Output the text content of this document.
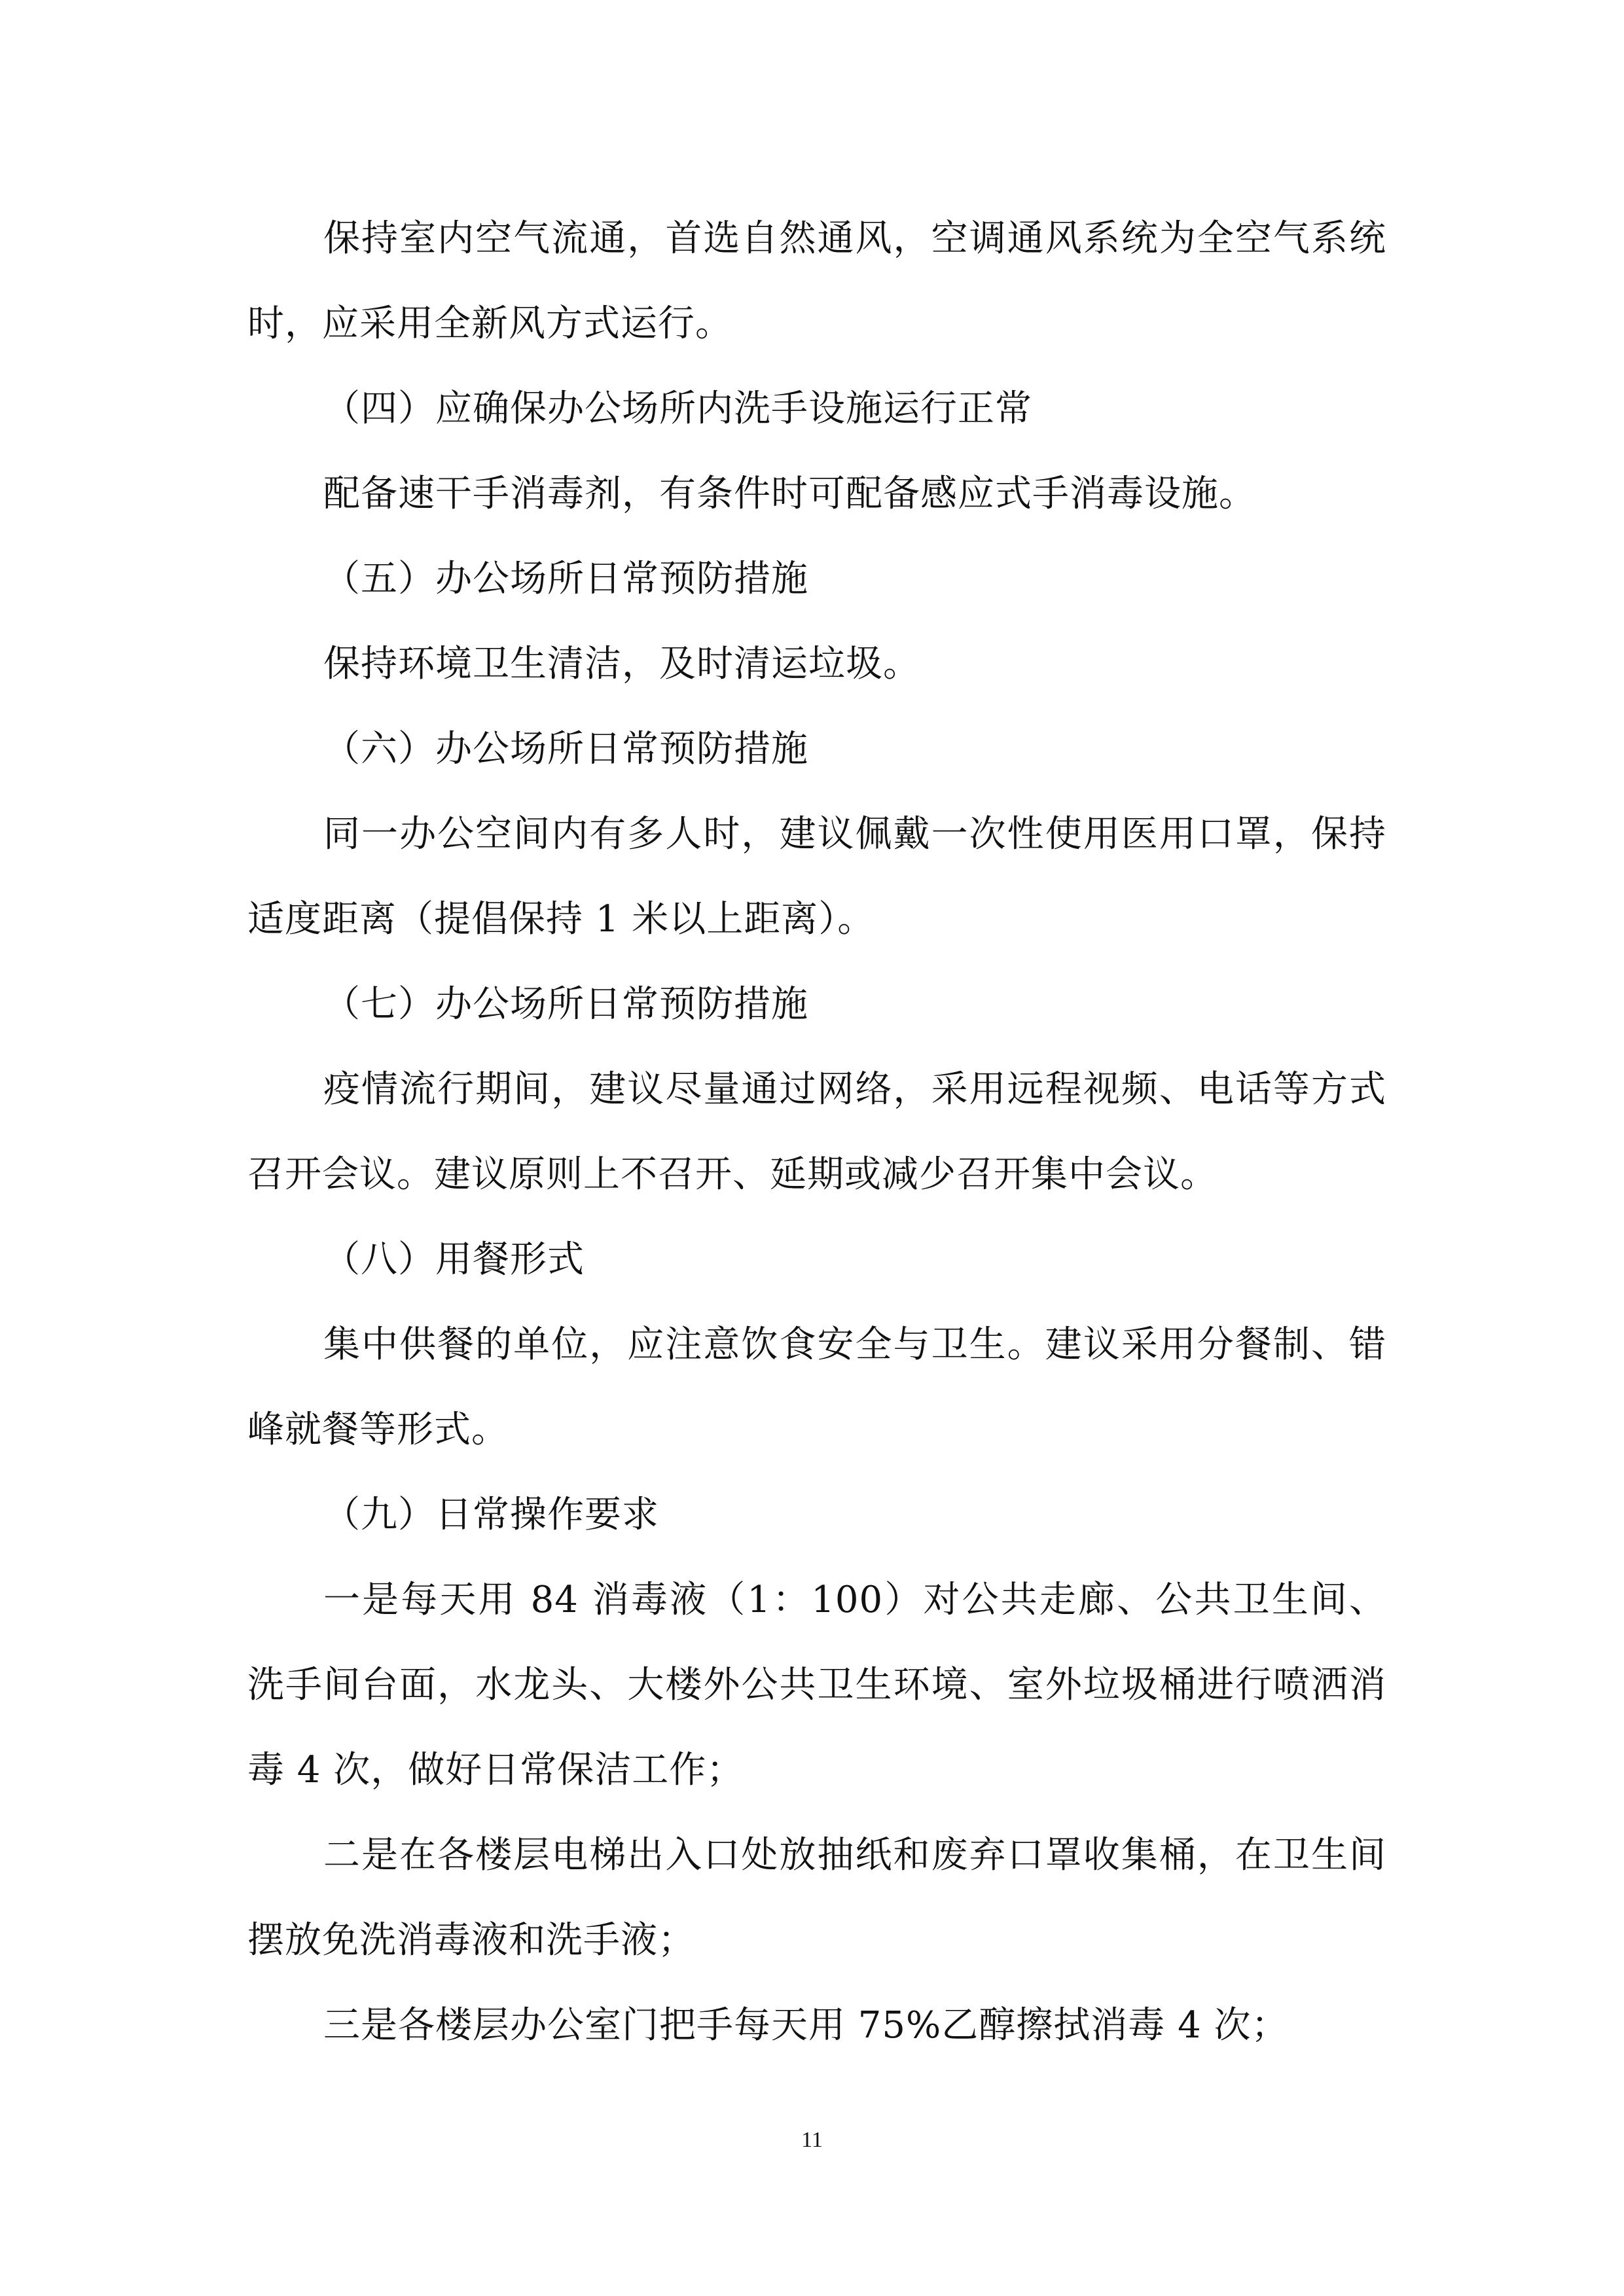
保持室内空气流通，首选自然通风，空调通风系统为全空气系统时，应采用全新风方式运行。

（四）应确保办公场所内洗手设施运行正常

配备速干手消毒剂，有条件时可配备感应式手消毒设施。

（五）办公场所日常预防措施

保持环境卫生清洁，及时清运垃圾。

（六）办公场所日常预防措施

同一办公空间内有多人时，建议佩戴一次性使用医用口罩，保持适度距离（提倡保持 1 米以上距离）。

（七）办公场所日常预防措施

疫情流行期间，建议尽量通过网络，采用远程视频、电话等方式召开会议。建议原则上不召开、延期或减少召开集中会议。

（八）用餐形式

集中供餐的单位，应注意饮食安全与卫生。建议采用分餐制、错峰就餐等形式。

（九）日常操作要求

一是每天用 84 消毒液（1：100）对公共走廊、公共卫生间、洗手间台面，水龙头、大楼外公共卫生环境、室外垃圾桶进行喷洒消毒 4 次，做好日常保洁工作；

二是在各楼层电梯出入口处放抽纸和废弃口罩收集桶，在卫生间摆放免洗消毒液和洗手液；

三是各楼层办公室门把手每天用 75%乙醇擦拭消毒 4 次；

11
